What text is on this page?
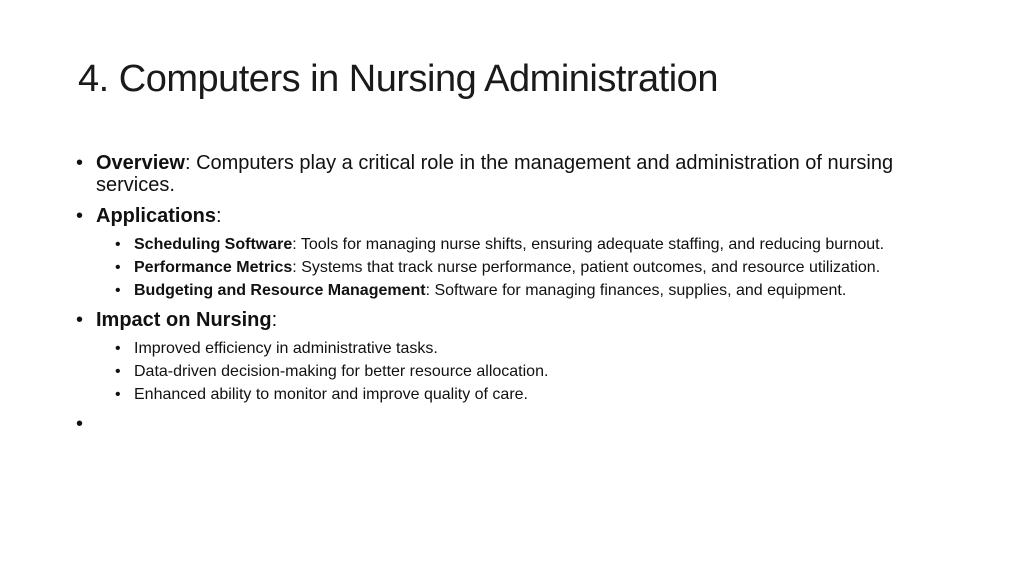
4. Computers in Nursing Administration
• Overview: Computers play a critical role in the management and administration of nursing services.
• Applications:
• Scheduling Software: Tools for managing nurse shifts, ensuring adequate staffing, and reducing burnout.
• Performance Metrics: Systems that track nurse performance, patient outcomes, and resource utilization.
• Budgeting and Resource Management: Software for managing finances, supplies, and equipment.
• Impact on Nursing:
• Improved efficiency in administrative tasks.
• Data-driven decision-making for better resource allocation.
• Enhanced ability to monitor and improve quality of care.
•
